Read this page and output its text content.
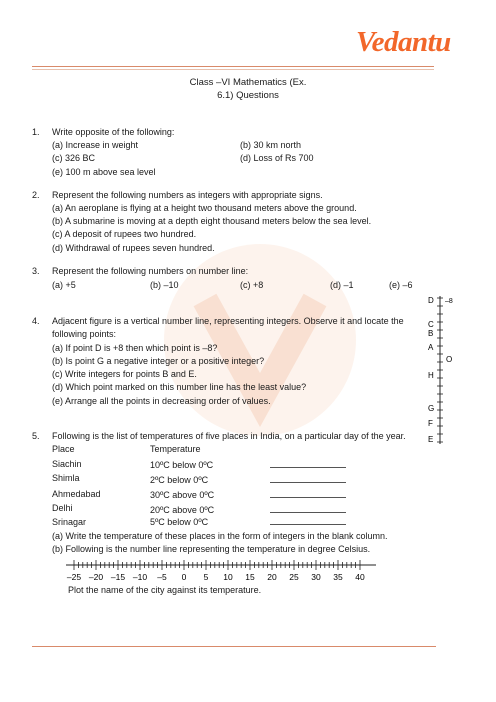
Vedantu
Class –VI Mathematics (Ex.
6.1) Questions
1. Write opposite of the following:
(a) Increase in weight	(b) 30 km north
(c) 326 BC	(d) Loss of Rs 700
(e) 100 m above sea level
2. Represent the following numbers as integers with appropriate signs.
(a) An aeroplane is flying at a height two thousand meters above the ground.
(b) A submarine is moving at a depth eight thousand meters below the sea level.
(c) A deposit of rupees two hundred.
(d) Withdrawal of rupees seven hundred.
3. Represent the following numbers on number line:
(a) +5	(b) –10	(c) +8	(d) –1	(e) –6
4. Adjacent figure is a vertical number line, representing integers. Observe it and locate the
following points:
(a) If point D is +8 then which point is –8?
(b) Is point G a negative integer or a positive integer?
(c) Write integers for points B and E.
(d) Which point marked on this number line has the least value?
(e) Arrange all the points in decreasing order of values.
D –8
C
B
A
O
H
G
F
E
5. Following is the list of temperatures of five places in India, on a particular day of the year.
Place	Temperature
Siachin	10ºC below 0ºC
Shimla	2ºC below 0ºC
Ahmedabad	30ºC above 0ºC
Delhi	20ºC above 0ºC
Srinagar	5ºC below 0ºC
(a) Write the temperature of these places in the form of integers in the blank column.
(b) Following is the number line representing the temperature in degree Celsius.
–25 –20 –15 –10 –5 0 5 10 15 20 25 30 35 40
Plot the name of the city against its temperature.
